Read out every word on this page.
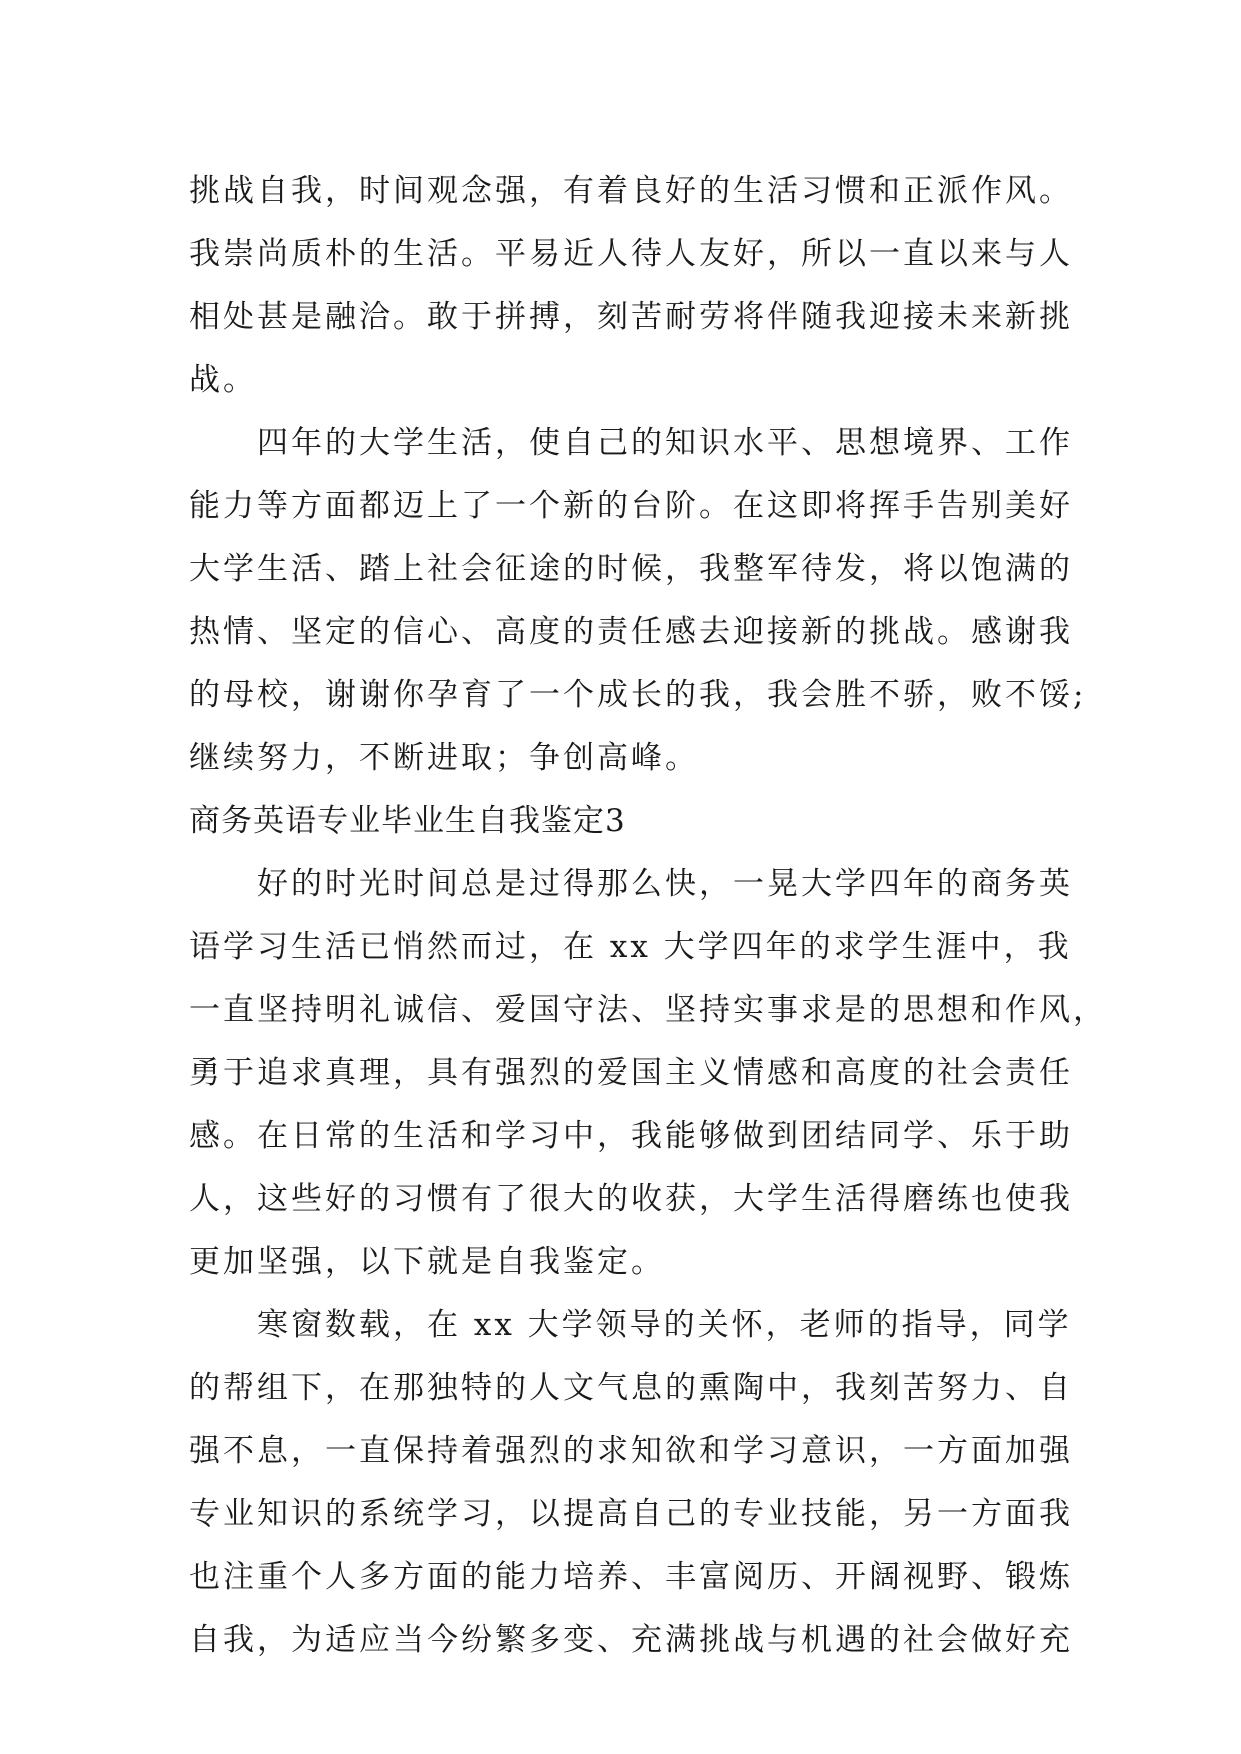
挑战自我，时间观念强，有着良好的生活习惯和正派作风。
我崇尚质朴的生活。平易近人待人友好，所以一直以来与人
相处甚是融洽。敢于拼搏，刻苦耐劳将伴随我迎接未来新挑
战。
四年的大学生活，使自己的知识水平、思想境界、工作
能力等方面都迈上了一个新的台阶。在这即将挥手告别美好
大学生活、踏上社会征途的时候，我整军待发，将以饱满的
热情、坚定的信心、高度的责任感去迎接新的挑战。感谢我
的母校，谢谢你孕育了一个成长的我，我会胜不骄，败不馁;
继续努力，不断进取；争创高峰。
商务英语专业毕业生自我鉴定3
好的时光时间总是过得那么快，一晃大学四年的商务英
语学习生活已悄然而过，在 xx 大学四年的求学生涯中，我
一直坚持明礼诚信、爱国守法、坚持实事求是的思想和作风，
勇于追求真理，具有强烈的爱国主义情感和高度的社会责任
感。在日常的生活和学习中，我能够做到团结同学、乐于助
人，这些好的习惯有了很大的收获，大学生活得磨练也使我
更加坚强，以下就是自我鉴定。
寒窗数载，在 xx 大学领导的关怀，老师的指导，同学
的帮组下，在那独特的人文气息的熏陶中，我刻苦努力、自
强不息，一直保持着强烈的求知欲和学习意识，一方面加强
专业知识的系统学习，以提高自己的专业技能，另一方面我
也注重个人多方面的能力培养、丰富阅历、开阔视野、锻炼
自我，为适应当今纷繁多变、充满挑战与机遇的社会做好充
